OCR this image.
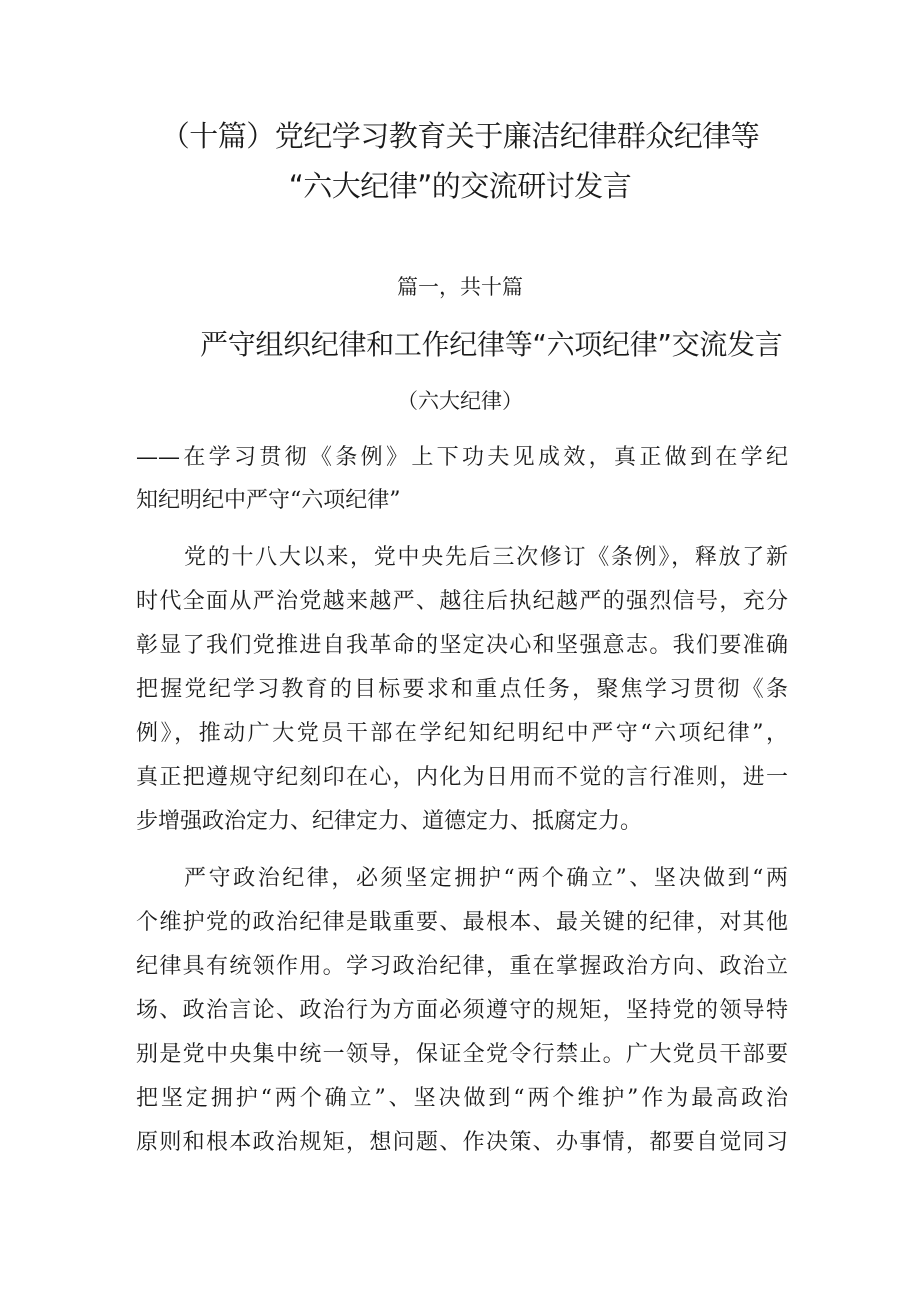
（十篇）党纪学习教育关于廉洁纪律群众纪律等
“六大纪律”的交流研讨发言
篇一，共十篇
严守组织纪律和工作纪律等“六项纪律”交流发言
（六大纪律）
——在学习贯彻《条例》上下功夫见成效，真正做到在学纪
知纪明纪中严守“六项纪律”
党的十八大以来，党中央先后三次修订《条例》，释放了新
时代全面从严治党越来越严、越往后执纪越严的强烈信号，充分
彰显了我们党推进自我革命的坚定决心和坚强意志。我们要准确
把握党纪学习教育的目标要求和重点任务，聚焦学习贯彻《条
例》，推动广大党员干部在学纪知纪明纪中严守“六项纪律”，
真正把遵规守纪刻印在心，内化为日用而不觉的言行准则，进一
步增强政治定力、纪律定力、道德定力、抵腐定力。
严守政治纪律，必须坚定拥护“两个确立”、坚决做到“两
个维护党的政治纪律是戢重要、最根本、最关键的纪律，对其他
纪律具有统领作用。学习政治纪律，重在掌握政治方向、政治立
场、政治言论、政治行为方面必须遵守的规矩，坚持党的领导特
别是党中央集中统一领导，保证全党令行禁止。广大党员干部要
把坚定拥护“两个确立”、坚决做到“两个维护”作为最高政治
原则和根本政治规矩，想问题、作决策、办事情，都要自觉同习
